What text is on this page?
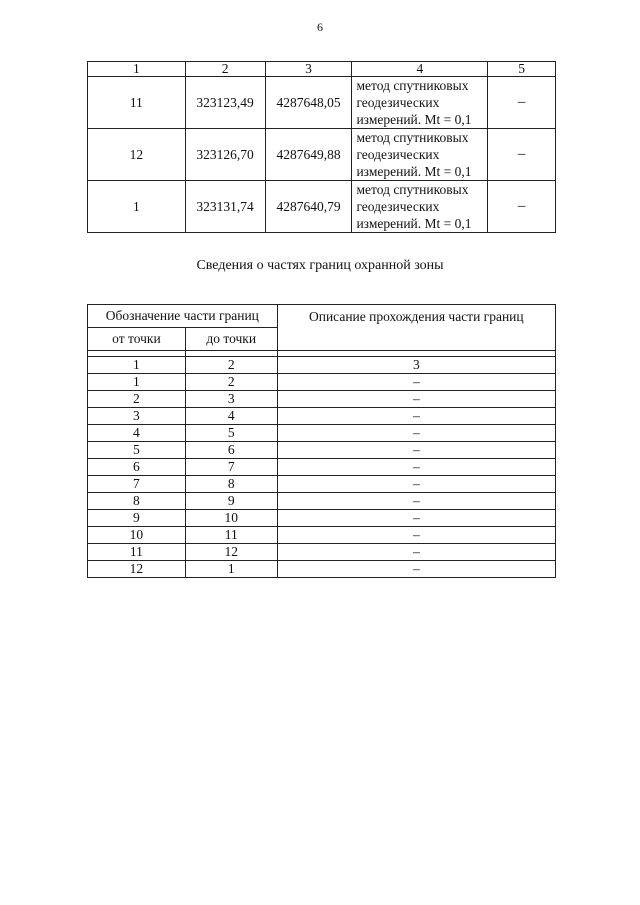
6
1	2	3	4	5
11	323123,49	4287648,05	метод спутниковых
геодезических
измерений. Mt = 0,1	–
12	323126,70	4287649,88	метод спутниковых
геодезических
измерений. Mt = 0,1	–
1	323131,74	4287640,79	метод спутниковых
геодезических
измерений. Mt = 0,1	–
Сведения о частях границ охранной зоны
Обозначение части границ		Описание прохождения части границ
от точки	до точки	

1	2	3
1	2	–
2	3	–
3	4	–
4	5	–
5	6	–
6	7	–
7	8	–
8	9	–
9	10	–
10	11	–
11	12	–
12	1	–
